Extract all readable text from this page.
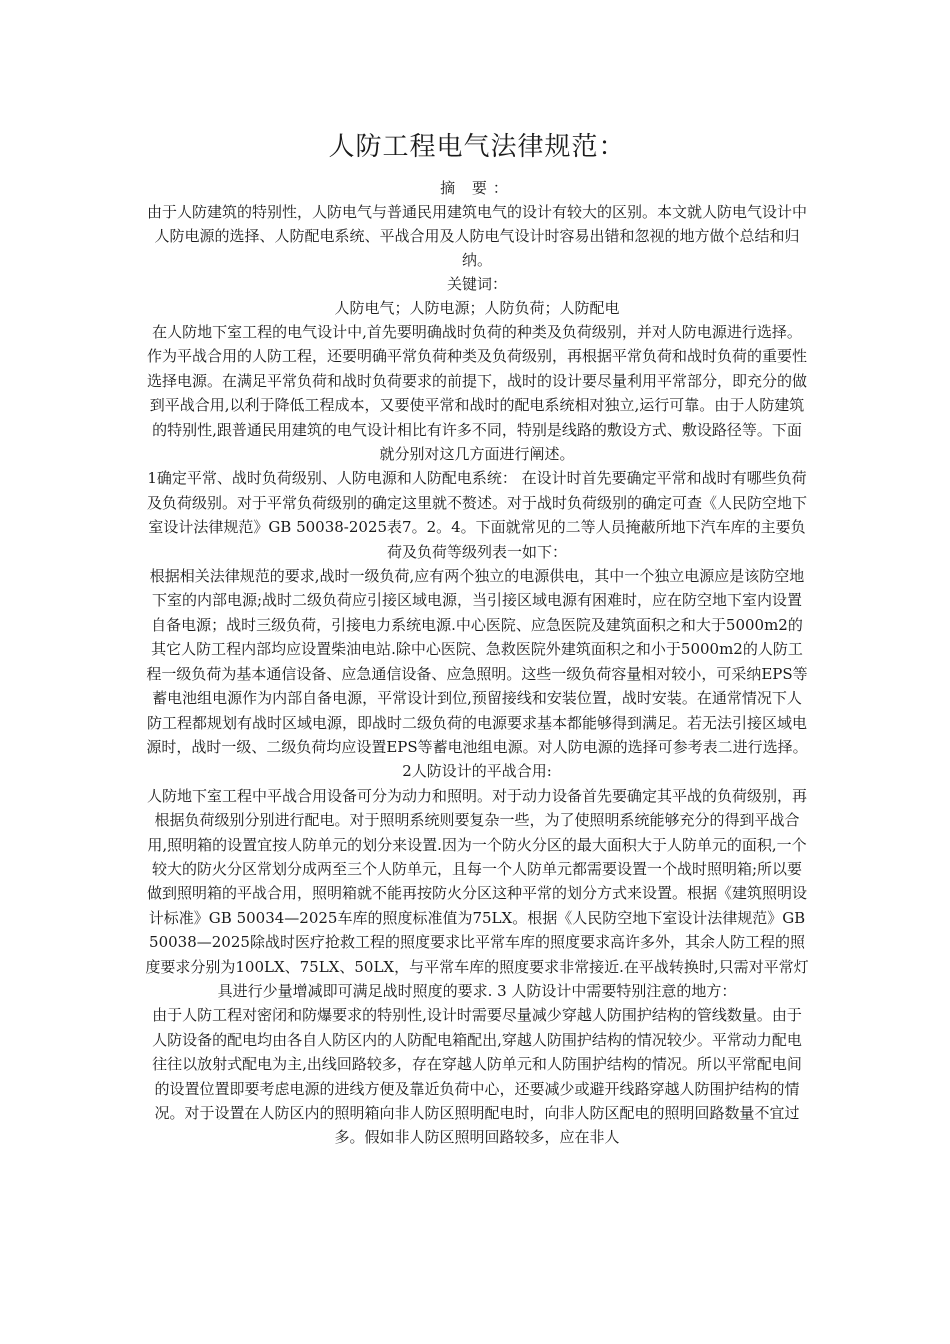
人防工程电气法律规范：

摘 要：

由于人防建筑的特别性，人防电气与普通民用建筑电气的设计有较大的区别。本文就人防电气设计中人防电源的选择、人防配电系统、平战合用及人防电气设计时容易出错和忽视的地方做个总结和归纳。

关键词：

人防电气；人防电源；人防负荷；人防配电

在人防地下室工程的电气设计中,首先要明确战时负荷的种类及负荷级别，并对人防电源进行选择。作为平战合用的人防工程，还要明确平常负荷种类及负荷级别，再根据平常负荷和战时负荷的重要性选择电源。在满足平常负荷和战时负荷要求的前提下，战时的设计要尽量利用平常部分，即充分的做到平战合用,以利于降低工程成本，又要使平常和战时的配电系统相对独立,运行可靠。由于人防建筑的特别性,跟普通民用建筑的电气设计相比有许多不同，特别是线路的敷设方式、敷设路径等。下面就分别对这几方面进行阐述。

1确定平常、战时负荷级别、人防电源和人防配电系统： 在设计时首先要确定平常和战时有哪些负荷及负荷级别。对于平常负荷级别的确定这里就不赘述。对于战时负荷级别的确定可查《人民防空地下室设计法律规范》GB 50038-2025表7。2。4。下面就常见的二等人员掩蔽所地下汽车库的主要负荷及负荷等级列表一如下：

根据相关法律规范的要求,战时一级负荷,应有两个独立的电源供电，其中一个独立电源应是该防空地下室的内部电源;战时二级负荷应引接区域电源，当引接区域电源有困难时，应在防空地下室内设置自备电源；战时三级负荷，引接电力系统电源.中心医院、应急医院及建筑面积之和大于5000m2的其它人防工程内部均应设置柴油电站.除中心医院、急救医院外建筑面积之和小于5000m2的人防工程一级负荷为基本通信设备、应急通信设备、应急照明。这些一级负荷容量相对较小，可采纳EPS等蓄电池组电源作为内部自备电源，平常设计到位,预留接线和安装位置，战时安装。在通常情况下人防工程都规划有战时区域电源，即战时二级负荷的电源要求基本都能够得到满足。若无法引接区域电源时，战时一级、二级负荷均应设置EPS等蓄电池组电源。对人防电源的选择可参考表二进行选择。 2人防设计的平战合用:

人防地下室工程中平战合用设备可分为动力和照明。对于动力设备首先要确定其平战的负荷级别，再根据负荷级别分别进行配电。对于照明系统则要复杂一些，为了使照明系统能够充分的得到平战合用,照明箱的设置宜按人防单元的划分来设置.因为一个防火分区的最大面积大于人防单元的面积,一个较大的防火分区常划分成两至三个人防单元，且每一个人防单元都需要设置一个战时照明箱;所以要做到照明箱的平战合用，照明箱就不能再按防火分区这种平常的划分方式来设置。根据《建筑照明设计标准》GB 50034—2025车库的照度标准值为75LX。根据《人民防空地下室设计法律规范》GB 50038—2025除战时医疗抢救工程的照度要求比平常车库的照度要求高许多外，其余人防工程的照度要求分别为100LX、75LX、50LX，与平常车库的照度要求非常接近.在平战转换时,只需对平常灯具进行少量增减即可满足战时照度的要求. 3 人防设计中需要特别注意的地方：

由于人防工程对密闭和防爆要求的特别性,设计时需要尽量减少穿越人防围护结构的管线数量。由于人防设备的配电均由各自人防区内的人防配电箱配出,穿越人防围护结构的情况较少。平常动力配电往往以放射式配电为主,出线回路较多，存在穿越人防单元和人防围护结构的情况。所以平常配电间的设置位置即要考虑电源的进线方便及靠近负荷中心，还要减少或避开线路穿越人防围护结构的情况。对于设置在人防区内的照明箱向非人防区照明配电时，向非人防区配电的照明回路数量不宜过多。假如非人防区照明回路较多，应在非人
